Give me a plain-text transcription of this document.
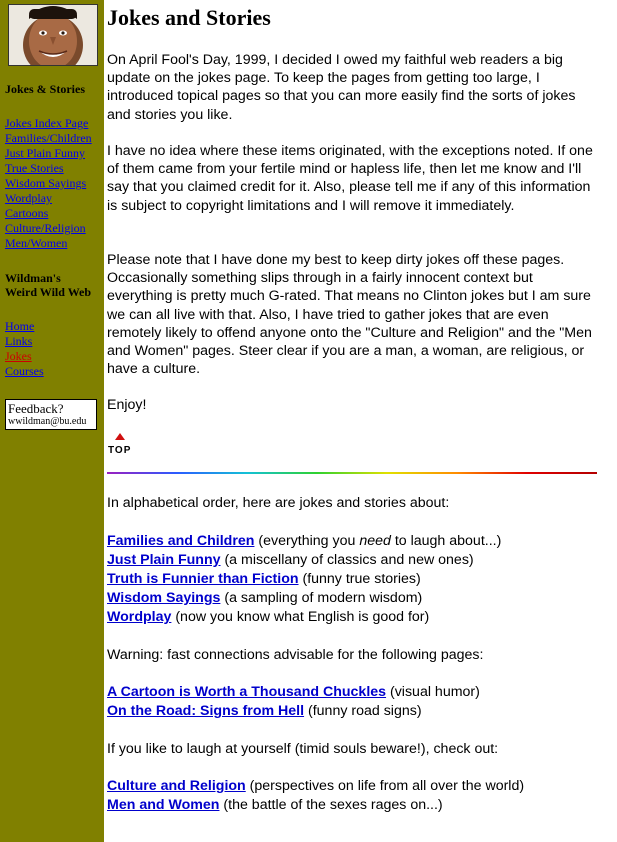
Jokes & Stories
Jokes Index Page
Families/Children
Just Plain Funny
True Stories
Wisdom Sayings
Wordplay
Cartoons
Culture/Religion
Men/Women
Wildman's
Weird Wild Web
Home
Links
Jokes
Courses
Feedback?
wwildman@bu.edu
Jokes and Stories

On April Fool's Day, 1999, I decided I owed my faithful web readers a big update on the jokes page. To keep the pages from getting too large, I introduced topical pages so that you can more easily find the sorts of jokes and stories you like.

I have no idea where these items originated, with the exceptions noted. If one of them came from your fertile mind or hapless life, then let me know and I'll say that you claimed credit for it. Also, please tell me if any of this information is subject to copyright limitations and I will remove it immediately.

Please note that I have done my best to keep dirty jokes off these pages. Occasionally something slips through in a fairly innocent context but everything is pretty much G-rated. That means no Clinton jokes but I am sure we can all live with that. Also, I have tried to gather jokes that are even remotely likely to offend anyone onto the "Culture and Religion" and the "Men and Women" pages. Steer clear if you are a man, a woman, are religious, or have a culture.

Enjoy!

TOP
In alphabetical order, here are jokes and stories about:
Families and Children (everything you need to laugh about...)
Just Plain Funny (a miscellany of classics and new ones)
Truth is Funnier than Fiction (funny true stories)
Wisdom Sayings (a sampling of modern wisdom)
Wordplay (now you know what English is good for)
Warning: fast connections advisable for the following pages:
A Cartoon is Worth a Thousand Chuckles (visual humor)
On the Road: Signs from Hell (funny road signs)
If you like to laugh at yourself (timid souls beware!), check out:
Culture and Religion (perspectives on life from all over the world)
Men and Women (the battle of the sexes rages on...)
